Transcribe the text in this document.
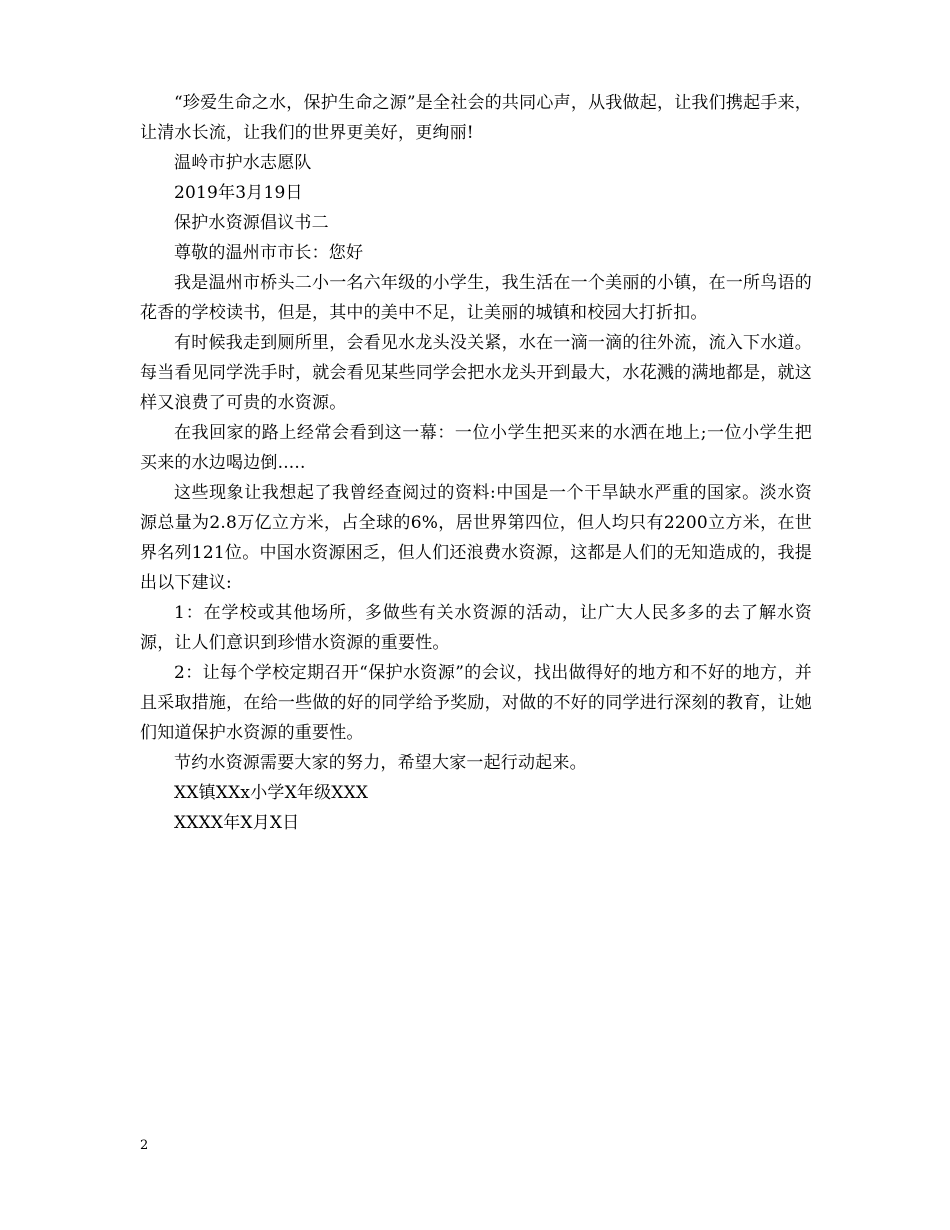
“珍爱生命之水，保护生命之源”是全社会的共同心声，从我做起，让我们携起手来，让清水长流，让我们的世界更美好，更绚丽!

温岭市护水志愿队

2019年3月19日

保护水资源倡议书二

尊敬的温州市市长：您好

我是温州市桥头二小一名六年级的小学生，我生活在一个美丽的小镇，在一所鸟语的花香的学校读书，但是，其中的美中不足，让美丽的城镇和校园大打折扣。

有时候我走到厕所里，会看见水龙头没关紧，水在一滴一滴的往外流，流入下水道。每当看见同学洗手时，就会看见某些同学会把水龙头开到最大，水花溅的满地都是，就这样又浪费了可贵的水资源。

在我回家的路上经常会看到这一幕：一位小学生把买来的水洒在地上;一位小学生把买来的水边喝边倒.....

这些现象让我想起了我曾经查阅过的资料:中国是一个干旱缺水严重的国家。淡水资源总量为2.8万亿立方米，占全球的6%，居世界第四位，但人均只有2200立方米，在世界名列121位。中国水资源困乏，但人们还浪费水资源，这都是人们的无知造成的，我提出以下建议:

1：在学校或其他场所，多做些有关水资源的活动，让广大人民多多的去了解水资源，让人们意识到珍惜水资源的重要性。

2：让每个学校定期召开“保护水资源”的会议，找出做得好的地方和不好的地方，并且采取措施，在给一些做的好的同学给予奖励，对做的不好的同学进行深刻的教育，让她们知道保护水资源的重要性。

节约水资源需要大家的努力，希望大家一起行动起来。

XX镇XXx小学X年级XXX

XXXX年X月X日

2
